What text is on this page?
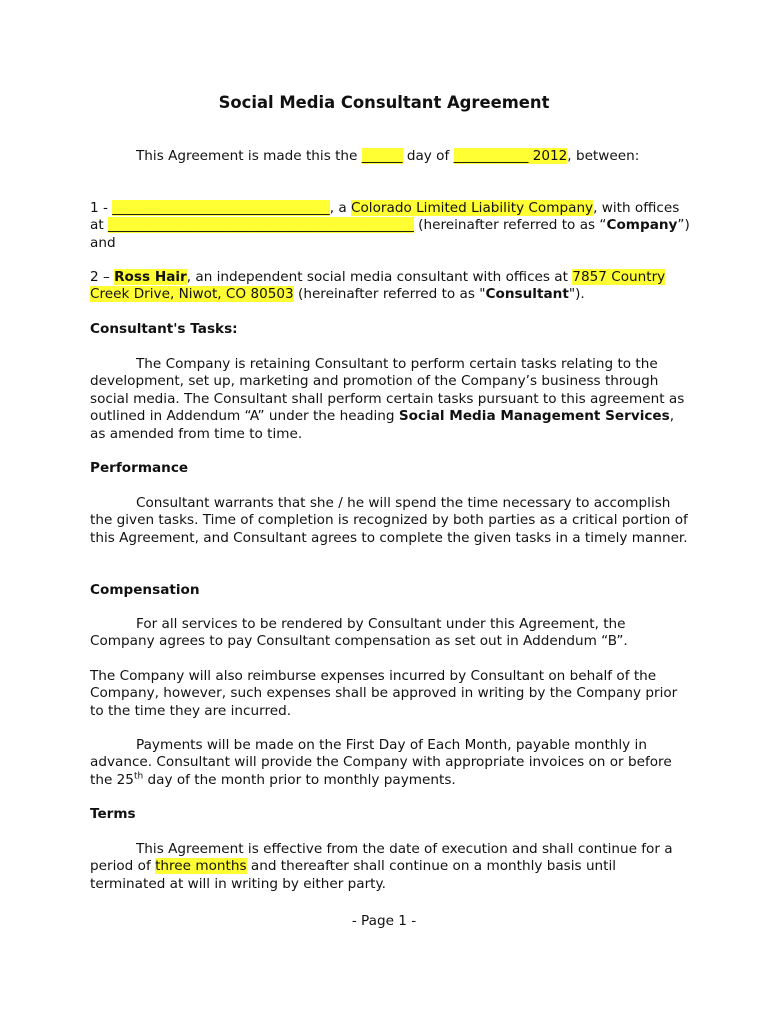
Social Media Consultant Agreement

This Agreement is made this the ______ day of ___________ 2012, between:

1 - ________________________________, a Colorado Limited Liability Company, with offices at _____________________________________________ (hereinafter referred to as “Company”) and

2 – Ross Hair, an independent social media consultant with offices at 7857 Country Creek Drive, Niwot, CO 80503 (hereinafter referred to as "Consultant").

Consultant's Tasks:

The Company is retaining Consultant to perform certain tasks relating to the development, set up, marketing and promotion of the Company’s business through social media. The Consultant shall perform certain tasks pursuant to this agreement as outlined in Addendum “A” under the heading Social Media Management Services, as amended from time to time.

Performance

Consultant warrants that she / he will spend the time necessary to accomplish the given tasks. Time of completion is recognized by both parties as a critical portion of this Agreement, and Consultant agrees to complete the given tasks in a timely manner.

Compensation

For all services to be rendered by Consultant under this Agreement, the Company agrees to pay Consultant compensation as set out in Addendum “B”.

The Company will also reimburse expenses incurred by Consultant on behalf of the Company, however, such expenses shall be approved in writing by the Company prior to the time they are incurred.

Payments will be made on the First Day of Each Month, payable monthly in advance. Consultant will provide the Company with appropriate invoices on or before the 25th day of the month prior to monthly payments.

Terms

This Agreement is effective from the date of execution and shall continue for a period of three months and thereafter shall continue on a monthly basis until terminated at will in writing by either party.

- Page 1 -
